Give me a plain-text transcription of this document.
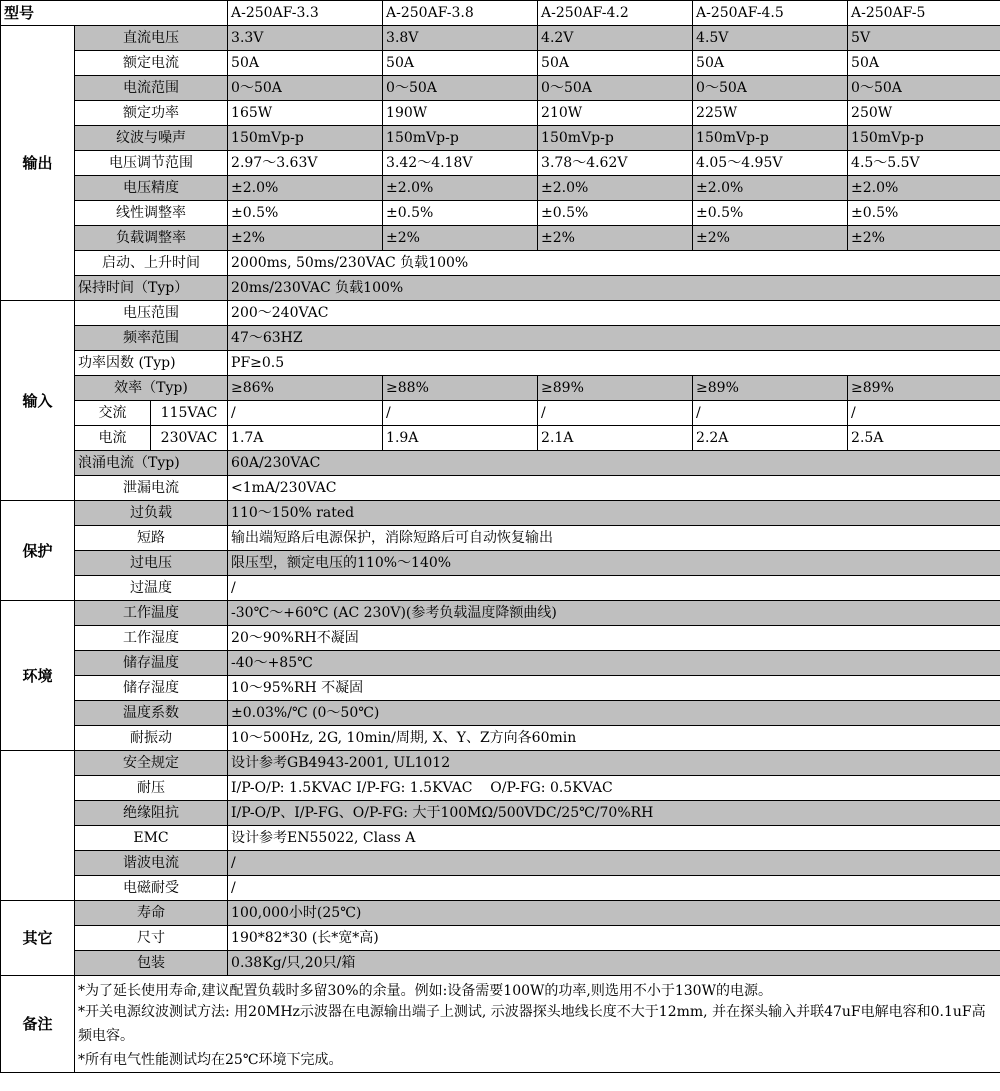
型号			A-250AF-3.3	A-250AF-3.8	A-250AF-4.2	A-250AF-4.5	A-250AF-5
输出	直流电压		3.3V	3.8V	4.2V	4.5V	5V
	额定电流		50A	50A	50A	50A	50A
	电流范围		0～50A	0～50A	0～50A	0～50A	0～50A
	额定功率		165W	190W	210W	225W	250W
	纹波与噪声		150mVp-p	150mVp-p	150mVp-p	150mVp-p	150mVp-p
	电压调节范围		2.97～3.63V	3.42～4.18V	3.78～4.62V	4.05～4.95V	4.5～5.5V
	电压精度		±2.0%	±2.0%	±2.0%	±2.0%	±2.0%
	线性调整率		±0.5%	±0.5%	±0.5%	±0.5%	±0.5%
	负载调整率		±2%	±2%	±2%	±2%	±2%
	启动、上升时间		2000ms, 50ms/230VAC 负载100%				
	保持时间（Typ）		20ms/230VAC 负载100%				
输入	电压范围		200～240VAC				
	频率范围		47～63HZ				
	功率因数 (Typ)		PF≥0.5				
	效率（Typ)		≥86%	≥88%	≥89%	≥89%	≥89%
	交流	115VAC	/	/	/	/	/
	电流	230VAC	1.7A	1.9A	2.1A	2.2A	2.5A
	浪涌电流（Typ)		60A/230VAC				
	泄漏电流		<1mA/230VAC				
保护	过负载		110～150% rated				
	短路		输出端短路后电源保护，消除短路后可自动恢复输出				
	过电压		限压型，额定电压的110%～140%				
	过温度		/				
环境	工作温度		-30℃～+60℃ (AC 230V)(参考负载温度降额曲线)				
	工作湿度		20～90%RH不凝固				
	储存温度		-40～+85℃				
	储存湿度		10～95%RH 不凝固				
	温度系数		±0.03%/℃ (0～50℃)				
	耐振动		10～500Hz, 2G, 10min/周期, X、Y、Z方向各60min				
	安全规定		设计参考GB4943-2001, UL1012				
	耐压		I/P-O/P: 1.5KVAC I/P-FG: 1.5KVAC    O/P-FG: 0.5KVAC				
	绝缘阻抗		I/P-O/P、I/P-FG、O/P-FG: 大于100MΩ/500VDC/25℃/70%RH				
	EMC		设计参考EN55022, Class A				
	谐波电流		/				
	电磁耐受		/				
其它	寿命		100,000小时(25℃)				
	尺寸		190*82*30 (长*宽*高)				
	包装		0.38Kg/只,20只/箱				
备注	*为了延长使用寿命,建议配置负载时多留30%的余量。例如:设备需要100W的功率,则选用不小于130W的电源。
*开关电源纹波测试方法: 用20MHz示波器在电源输出端子上测试, 示波器探头地线长度不大于12mm, 并在探头输入并联47uF电解电容和0.1uF高频电容。
*所有电气性能测试均在25℃环境下完成。						
